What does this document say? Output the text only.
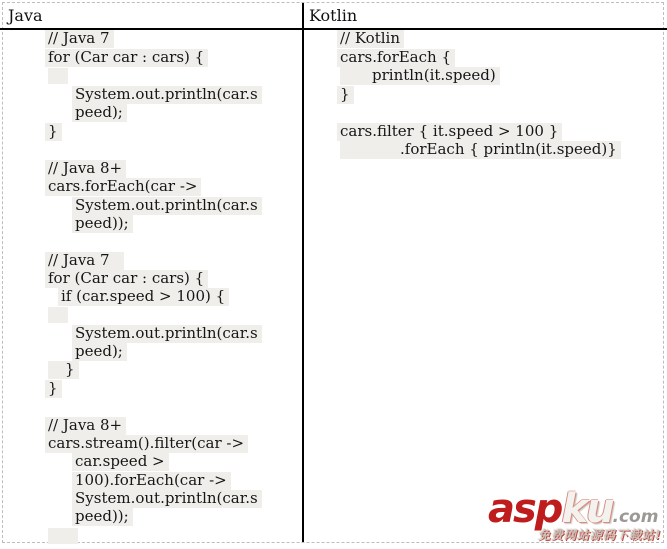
Java	Kotlin
// Java 7
for (Car car : cars) {
System.out.println(car.s
peed);
}
// Java 8+
cars.forEach(car ->
System.out.println(car.s
peed));
// Java 7
for (Car car : cars) {
if (car.speed > 100) {
System.out.println(car.s
peed);
}
}
// Java 8+
cars.stream().filter(car ->
car.speed >
100).forEach(car ->
System.out.println(car.s
peed));
// Kotlin
cars.forEach {
println(it.speed)
}
cars.filter { it.speed > 100 }
.forEach { println(it.speed)}
aspku.com
免费网站源码下载站!
